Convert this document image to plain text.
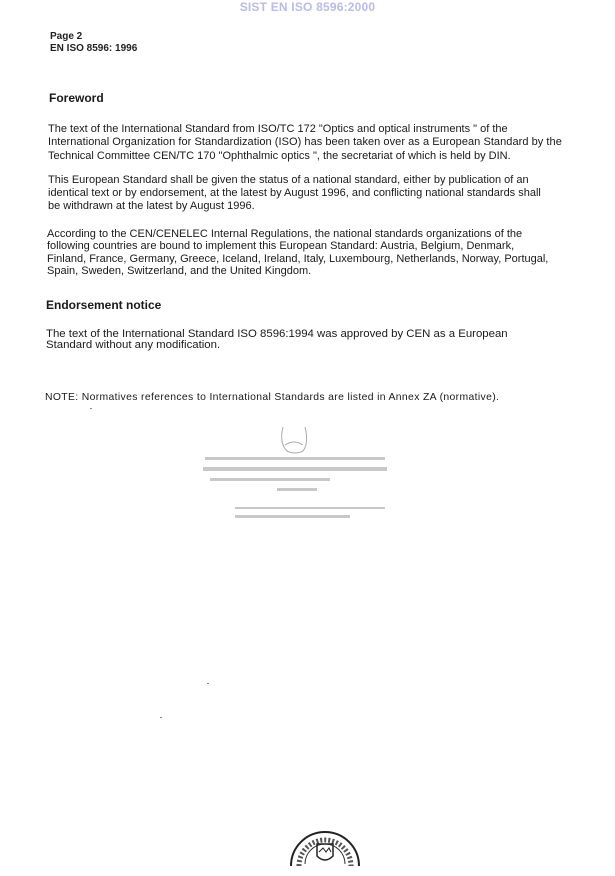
SIST EN ISO 8596:2000
Page 2
EN ISO 8596: 1996
Foreword
The text of the International Standard from ISO/TC 172 "Optics and optical instruments " of the
International Organization for Standardization (ISO) has been taken over as a European Standard by the
Technical Committee CEN/TC 170 "Ophthalmic optics ", the secretariat of which is held by DIN.
This European Standard shall be given the status of a national standard, either by publication of an
identical text or by endorsement, at the latest by August 1996, and conflicting national standards shall
be withdrawn at the latest by August 1996.
According to the CEN/CENELEC Internal Regulations, the national standards organizations of the
following countries are bound to implement this European Standard: Austria, Belgium, Denmark,
Finland, France, Germany, Greece, Iceland, Ireland, Italy, Luxembourg, Netherlands, Norway, Portugal,
Spain, Sweden, Switzerland, and the United Kingdom.
Endorsement notice
The text of the International Standard ISO 8596:1994 was approved by CEN as a European
Standard without any modification.
NOTE: Normatives references to International Standards are listed in Annex ZA (normative).
